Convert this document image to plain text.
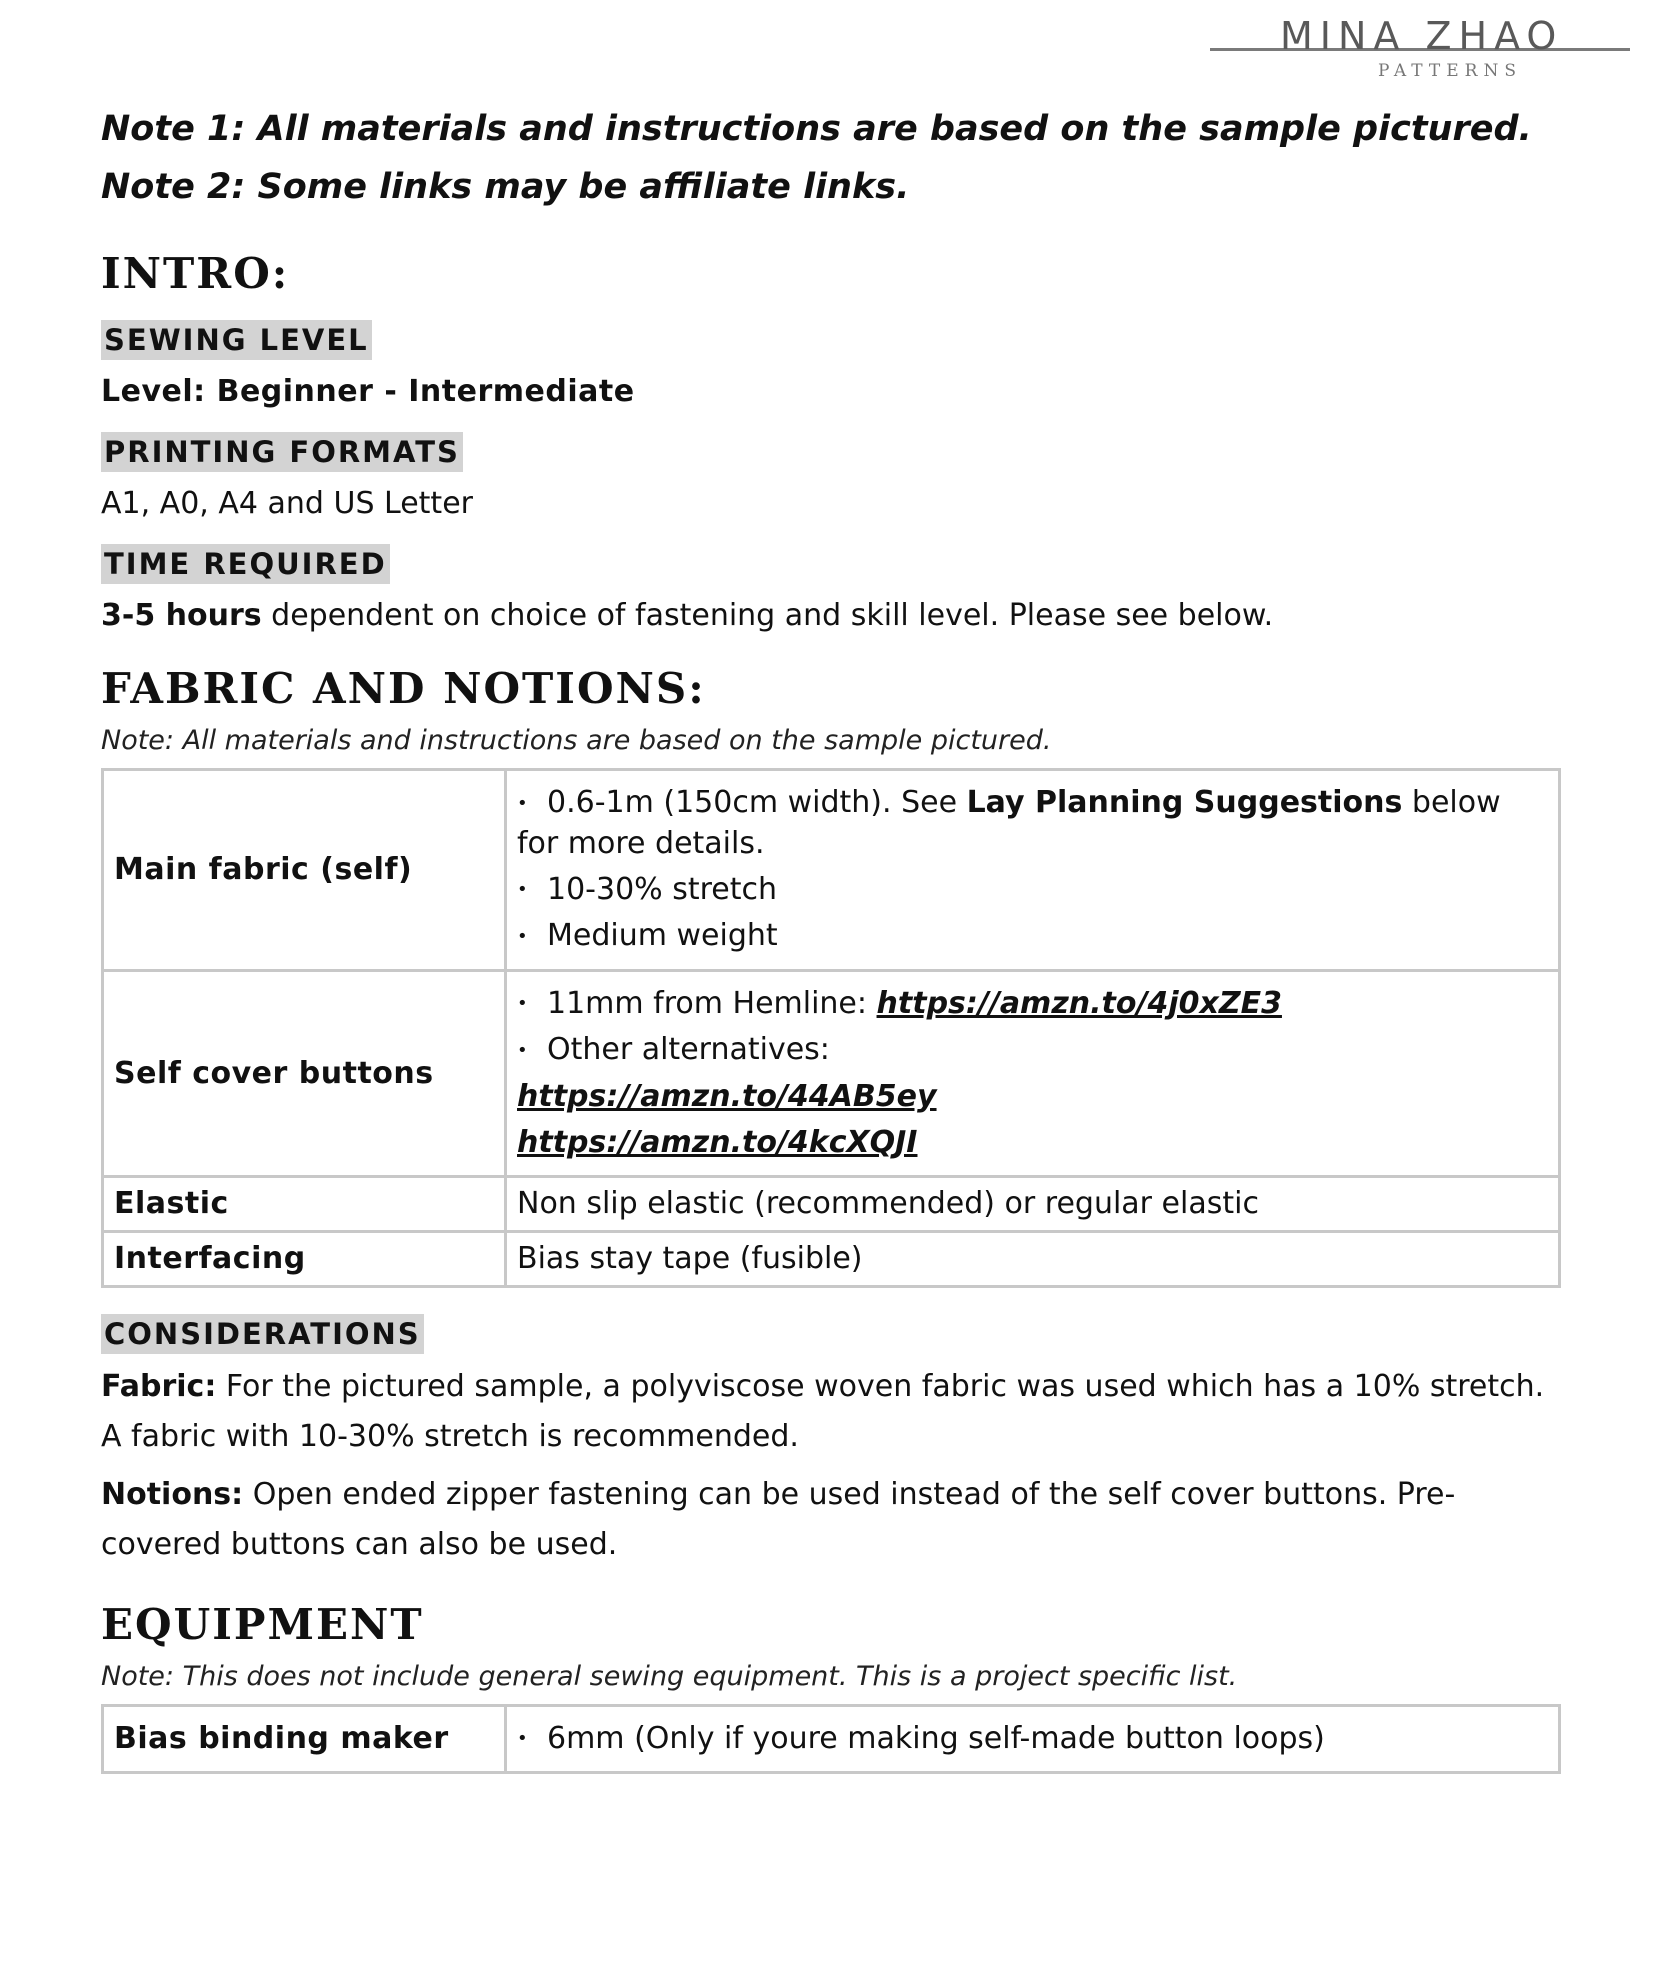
MINA ZHAO
PATTERNS

Note 1: All materials and instructions are based on the sample pictured.

Note 2: Some links may be affiliate links.

INTRO:
SEWING LEVEL
Level: Beginner - Intermediate
PRINTING FORMATS
A1, A0, A4 and US Letter
TIME REQUIRED
3-5 hours dependent on choice of fastening and skill level. Please see below.
FABRIC AND NOTIONS:

Note: All materials and instructions are based on the sample pictured.

Main fabric (self)	• 0.6-1m (150cm width). See Lay Planning Suggestions below for more details.
• 10-30% stretch
• Medium weight

Self cover buttons	• 11mm from Hemline: https://amzn.to/4j0xZE3
• Other alternatives:
https://amzn.to/44AB5ey
https://amzn.to/4kcXQJI

Elastic	Non slip elastic (recommended) or regular elastic
Interfacing	Bias stay tape (fusible)
CONSIDERATIONS
Fabric: For the pictured sample, a polyviscose woven fabric was used which has a 10% stretch. A fabric with 10-30% stretch is recommended.
Notions: Open ended zipper fastening can be used instead of the self cover buttons. Pre-covered buttons can also be used.
EQUIPMENT

Note: This does not include general sewing equipment. This is a project specific list.

Bias binding maker	• 6mm (Only if youre making self-made button loops)
